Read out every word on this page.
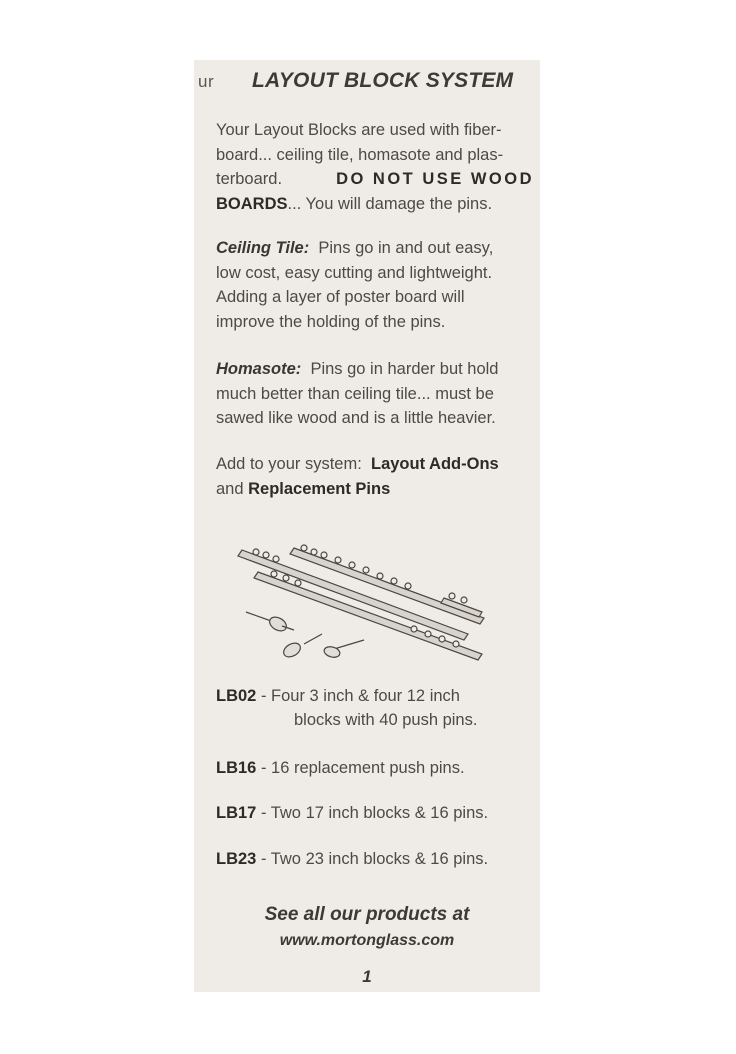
ur LAYOUT BLOCK SYSTEM
Your Layout Blocks are used with fiber-
board... ceiling tile, homasote and plas-
terboard.	DO NOT USE WOOD
BOARDS... You will damage the pins.
Ceiling Tile: Pins go in and out easy,
low cost, easy cutting and lightweight.
Adding a layer of poster board will
improve the holding of the pins.
Homasote: Pins go in harder but hold
much better than ceiling tile... must be
sawed like wood and is a little heavier.
Add to your system: Layout Add-Ons
and Replacement Pins
LB02 - Four 3 inch & four 12 inch
blocks with 40 push pins.
LB16 - 16 replacement push pins.
LB17 - Two 17 inch blocks & 16 pins.
LB23 - Two 23 inch blocks & 16 pins.
See all our products at
www.mortonglass.com
1
